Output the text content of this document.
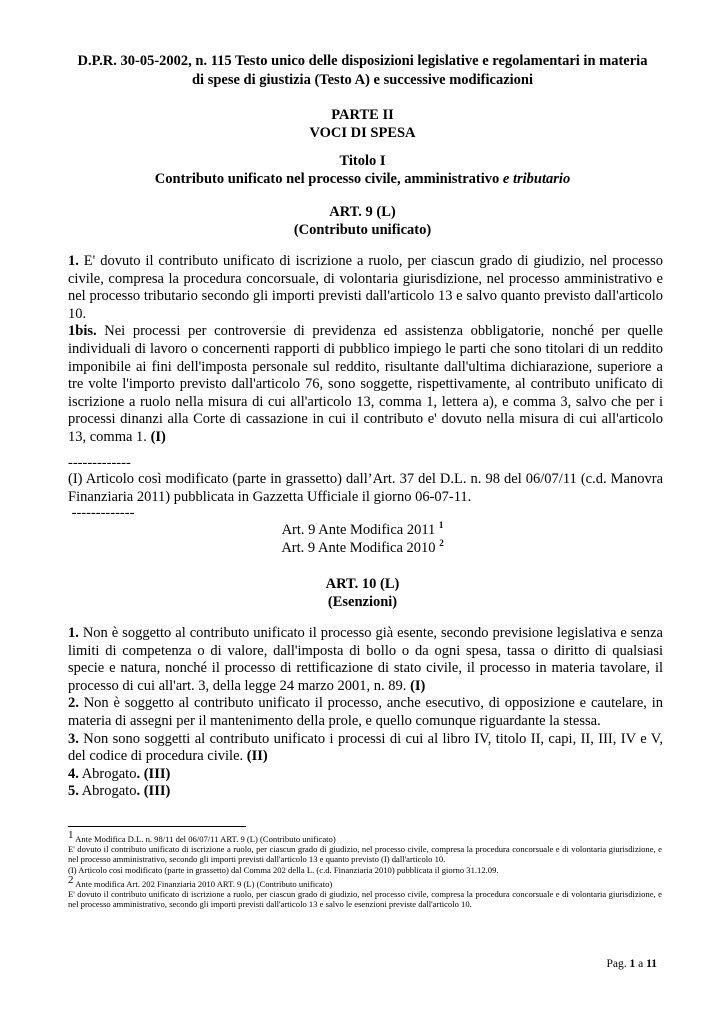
D.P.R. 30-05-2002, n. 115 Testo unico delle disposizioni legislative e regolamentari in materia
di spese di giustizia (Testo A) e successive modificazioni
PARTE II
VOCI DI SPESA
Titolo I
Contributo unificato nel processo civile, amministrativo e tributario
ART. 9 (L)
(Contributo unificato)

1. E' dovuto il contributo unificato di iscrizione a ruolo, per ciascun grado di giudizio, nel processo civile, compresa la procedura concorsuale, di volontaria giurisdizione, nel processo amministrativo e nel processo tributario secondo gli importi previsti dall'articolo 13 e salvo quanto previsto dall'articolo 10.

1bis. Nei processi per controversie di previdenza ed assistenza obbligatorie, nonché per quelle individuali di lavoro o concernenti rapporti di pubblico impiego le parti che sono titolari di un reddito imponibile ai fini dell'imposta personale sul reddito, risultante dall'ultima dichiarazione, superiore a tre volte l'importo previsto dall'articolo 76, sono soggette, rispettivamente, al contributo unificato di iscrizione a ruolo nella misura di cui all'articolo 13, comma 1, lettera a), e comma 3, salvo che per i processi dinanzi alla Corte di cassazione in cui il contributo e' dovuto nella misura di cui all'articolo 13, comma 1. (I)

-------------

(I) Articolo così modificato (parte in grassetto) dall’Art. 37 del D.L. n. 98 del 06/07/11 (c.d. Manovra Finanziaria 2011) pubblicata in Gazzetta Ufficiale il giorno 06-07-11.

-------------

Art. 9 Ante Modifica 2011 $^1$
Art. 9 Ante Modifica 2010 $^2$
ART. 10 (L)
(Esenzioni)

1. Non è soggetto al contributo unificato il processo già esente, secondo previsione legislativa e senza limiti di competenza o di valore, dall'imposta di bollo o da ogni spesa, tassa o diritto di qualsiasi specie e natura, nonché il processo di rettificazione di stato civile, il processo in materia tavolare, il processo di cui all'art. 3, della legge 24 marzo 2001, n. 89. (I)

2. Non è soggetto al contributo unificato il processo, anche esecutivo, di opposizione e cautelare, in materia di assegni per il mantenimento della prole, e quello comunque riguardante la stessa.

3. Non sono soggetti al contributo unificato i processi di cui al libro IV, titolo II, capi, II, III, IV e V, del codice di procedura civile. (II)

4. Abrogato. (III)

5. Abrogato. (III)

1 Ante Modifica D.L. n. 98/11 del 06/07/11 ART. 9 (L) (Contributo unificato)

E' dovuto il contributo unificato di iscrizione a ruolo, per ciascun grado di giudizio, nel processo civile, compresa la procedura concorsuale e di volontaria giurisdizione, e nel processo amministrativo, secondo gli importi previsti dall'articolo 13 e quanto previsto (I) dall'articolo 10.

(I) Articolo così modificato (parte in grassetto) dal Comma 202 della L. (c.d. Finanziaria 2010) pubblicata il giorno 31.12.09.

2 Ante modifica Art. 202 Finanziaria 2010 ART. 9 (L) (Contributo unificato)

E' dovuto il contributo unificato di iscrizione a ruolo, per ciascun grado di giudizio, nel processo civile, compresa la procedura concorsuale e di volontaria giurisdizione, e nel processo amministrativo, secondo gli importi previsti dall'articolo 13 e salvo le esenzioni previste dall'articolo 10.

Pag. 1 a 11
